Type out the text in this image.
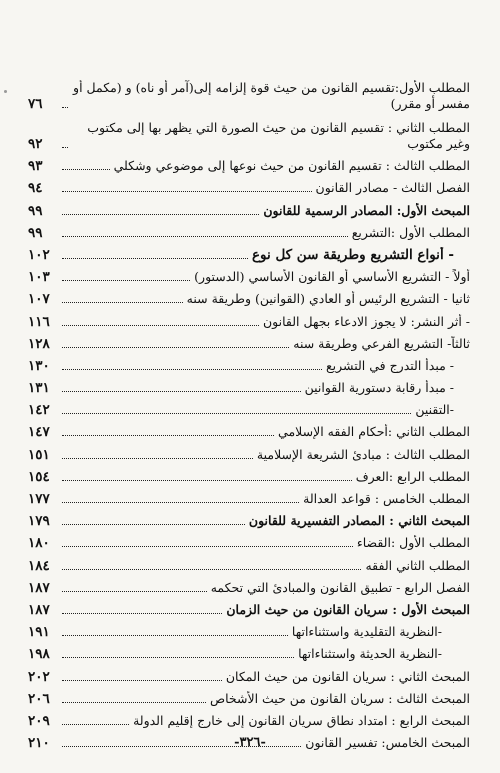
المطلب الأول:تقسيم القانون من حيث قوة إلزامه إلى(آمر أو ناه) و (مكمل أو مفسر أو مقرر)
٧٦
المطلب الثاني : تقسيم القانون من حيث الصورة التي يظهر بها إلى مكتوب وغير مكتوب
٩٢
المطلب الثالث : تقسيم القانون من حيث نوعها إلى موضوعي وشكلي
٩٣
الفصل الثالث - مصادر القانون
٩٤
المبحث الأول: المصادر الرسمية للقانون
٩٩
المطلب الأول :التشريع
٩٩
- أنواع التشريع وطريقة سن كل نوع
١٠٢
أولاً - التشريع الأساسي أو القانون الأساسي (الدستور)
١٠٣
ثانيا - التشريع الرئيس أو العادي (القوانين) وطريقة سنه
١٠٧
- أثر النشر: لا يجوز الادعاء بجهل القانون
١١٦
ثالثاً- التشريع الفرعي وطريقة سنه
١٢٨
- مبدأ التدرج في التشريع
١٣٠
- مبدأ رقابة دستورية القوانين
١٣١
-التقنين
١٤٢
المطلب الثاني :أحكام الفقه الإسلامي
١٤٧
المطلب الثالث : مبادئ الشريعة الإسلامية
١٥١
المطلب الرابع :العرف
١٥٤
المطلب الخامس : قواعد العدالة
١٧٧
المبحث الثاني : المصادر التفسيرية للقانون
١٧٩
المطلب الأول :القضاء
١٨٠
المطلب الثاني الفقه
١٨٤
الفصل الرابع - تطبيق القانون والمبادئ التي تحكمه
١٨٧
المبحث الأول : سريان القانون من حيث الزمان
١٨٧
-النظرية التقليدية واستثناءاتها
١٩١
-النظرية الحديثة واستثناءاتها
١٩٨
المبحث الثاني : سريان القانون من حيث المكان
٢٠٢
المبحث الثالث : سريان القانون من حيث الأشخاص
٢٠٦
المبحث الرابع : امتداد نطاق سريان القانون إلى خارج إقليم الدولة
٢٠٩
المبحث الخامس: تفسير القانون
٢١٠	-٣٢٦-
